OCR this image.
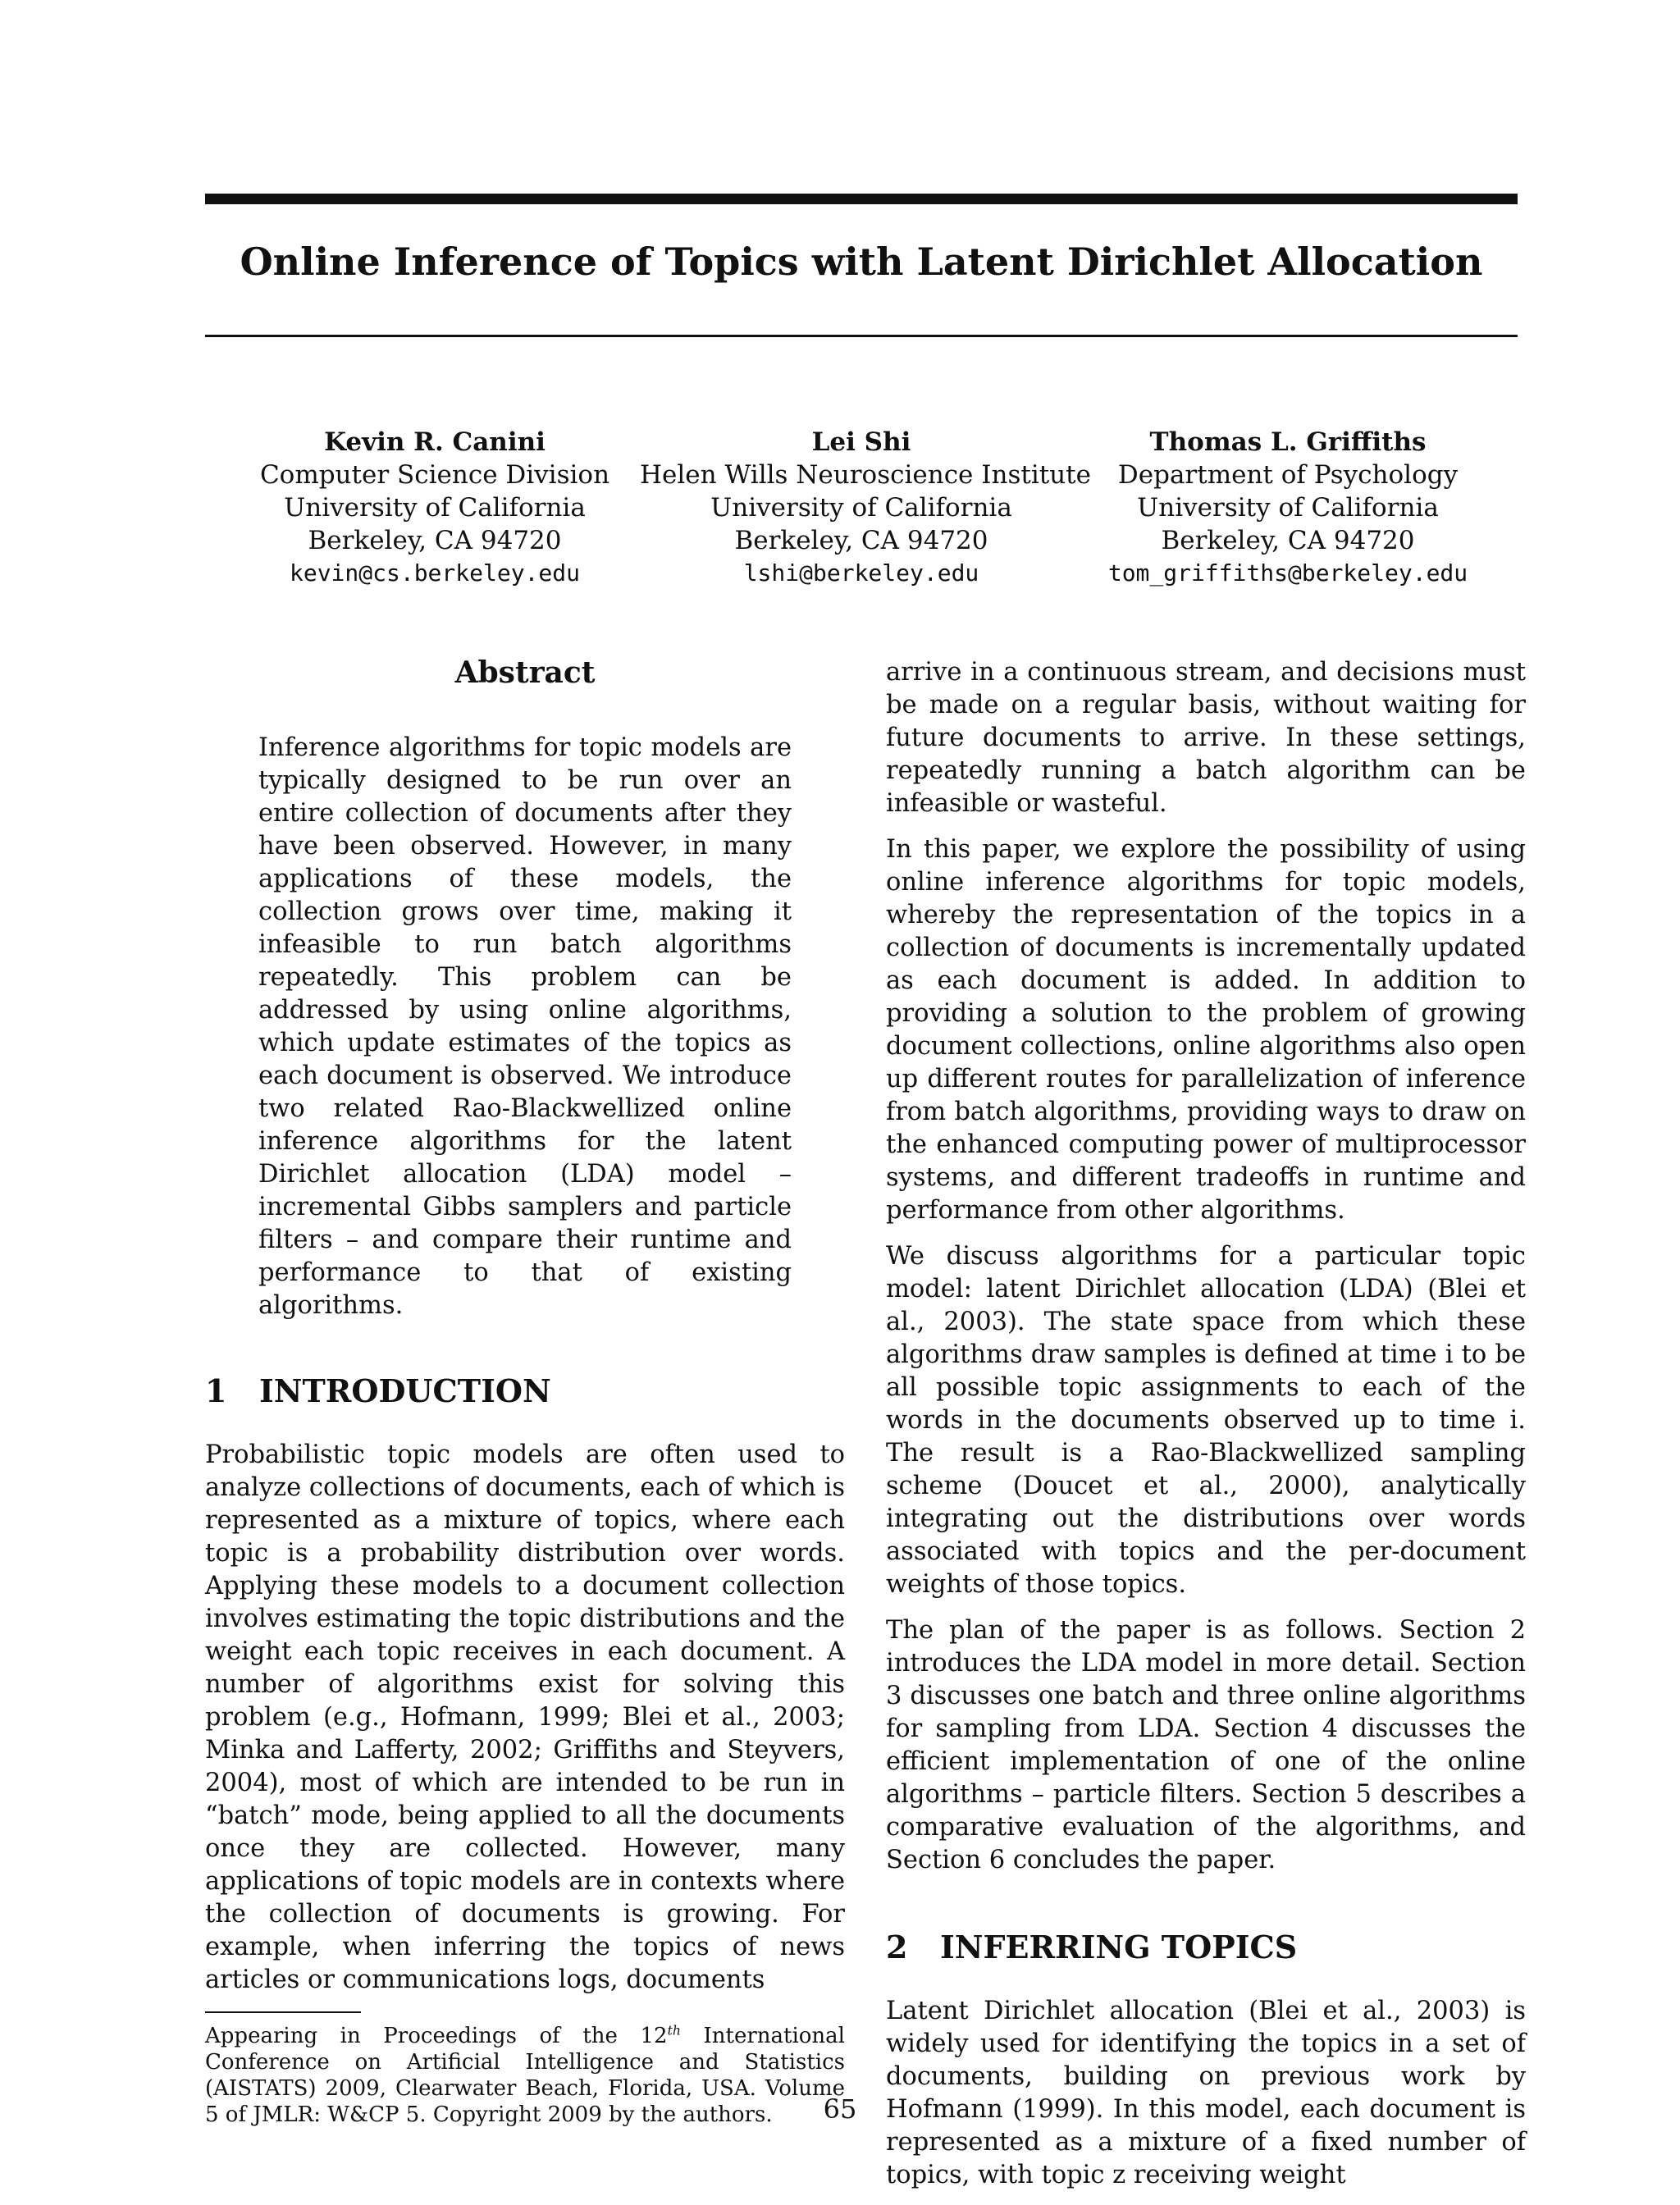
Online Inference of Topics with Latent Dirichlet Allocation
Kevin R. Canini
Computer Science Division
University of California
Berkeley, CA 94720
kevin@cs.berkeley.edu
Lei Shi
Helen Wills Neuroscience Institute
University of California
Berkeley, CA 94720
lshi@berkeley.edu
Thomas L. Griffiths
Department of Psychology
University of California
Berkeley, CA 94720
tom_griffiths@berkeley.edu
Abstract

Inference algorithms for topic models are typically designed to be run over an entire collection of documents after they have been observed. However, in many applications of these models, the collection grows over time, making it infeasible to run batch algorithms repeatedly. This problem can be addressed by using online algorithms, which update estimates of the topics as each document is observed. We introduce two related Rao-Blackwellized online inference algorithms for the latent Dirichlet allocation (LDA) model – incremental Gibbs samplers and particle filters – and compare their runtime and performance to that of existing algorithms.

1 INTRODUCTION

Probabilistic topic models are often used to analyze collections of documents, each of which is represented as a mixture of topics, where each topic is a probability distribution over words. Applying these models to a document collection involves estimating the topic distributions and the weight each topic receives in each document. A number of algorithms exist for solving this problem (e.g., Hofmann, 1999; Blei et al., 2003; Minka and Lafferty, 2002; Griffiths and Steyvers, 2004), most of which are intended to be run in “batch” mode, being applied to all the documents once they are collected. However, many applications of topic models are in contexts where the collection of documents is growing. For example, when inferring the topics of news articles or communications logs, documents

Appearing in Proceedings of the 12th International Conference on Artificial Intelligence and Statistics (AISTATS) 2009, Clearwater Beach, Florida, USA. Volume 5 of JMLR: W&CP 5. Copyright 2009 by the authors.

arrive in a continuous stream, and decisions must be made on a regular basis, without waiting for future documents to arrive. In these settings, repeatedly running a batch algorithm can be infeasible or wasteful.

In this paper, we explore the possibility of using online inference algorithms for topic models, whereby the representation of the topics in a collection of documents is incrementally updated as each document is added. In addition to providing a solution to the problem of growing document collections, online algorithms also open up different routes for parallelization of inference from batch algorithms, providing ways to draw on the enhanced computing power of multiprocessor systems, and different tradeoffs in runtime and performance from other algorithms.

We discuss algorithms for a particular topic model: latent Dirichlet allocation (LDA) (Blei et al., 2003). The state space from which these algorithms draw samples is defined at time i to be all possible topic assignments to each of the words in the documents observed up to time i. The result is a Rao-Blackwellized sampling scheme (Doucet et al., 2000), analytically integrating out the distributions over words associated with topics and the per-document weights of those topics.

The plan of the paper is as follows. Section 2 introduces the LDA model in more detail. Section 3 discusses one batch and three online algorithms for sampling from LDA. Section 4 discusses the efficient implementation of one of the online algorithms – particle filters. Section 5 describes a comparative evaluation of the algorithms, and Section 6 concludes the paper.

2 INFERRING TOPICS

Latent Dirichlet allocation (Blei et al., 2003) is widely used for identifying the topics in a set of documents, building on previous work by Hofmann (1999). In this model, each document is represented as a mixture of a fixed number of topics, with topic z receiving weight

65
